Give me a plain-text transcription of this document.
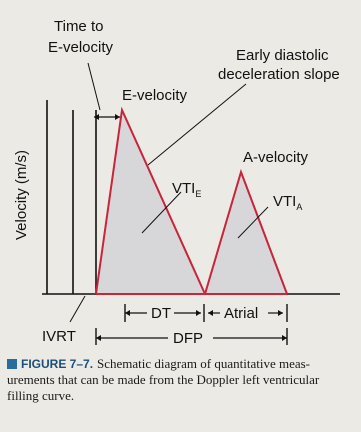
Time to
E-velocity	Early diastolic
deceleration slope
E-velocity
A-velocity
$VTI_E$	$VTI_A$
Velocity (m/s)
IVRT
DT	Atrial
DFP
FIGURE 7–7. Schematic diagram of quantitative meas-
urements that can be made from the Doppler left ventricular
filling curve.
